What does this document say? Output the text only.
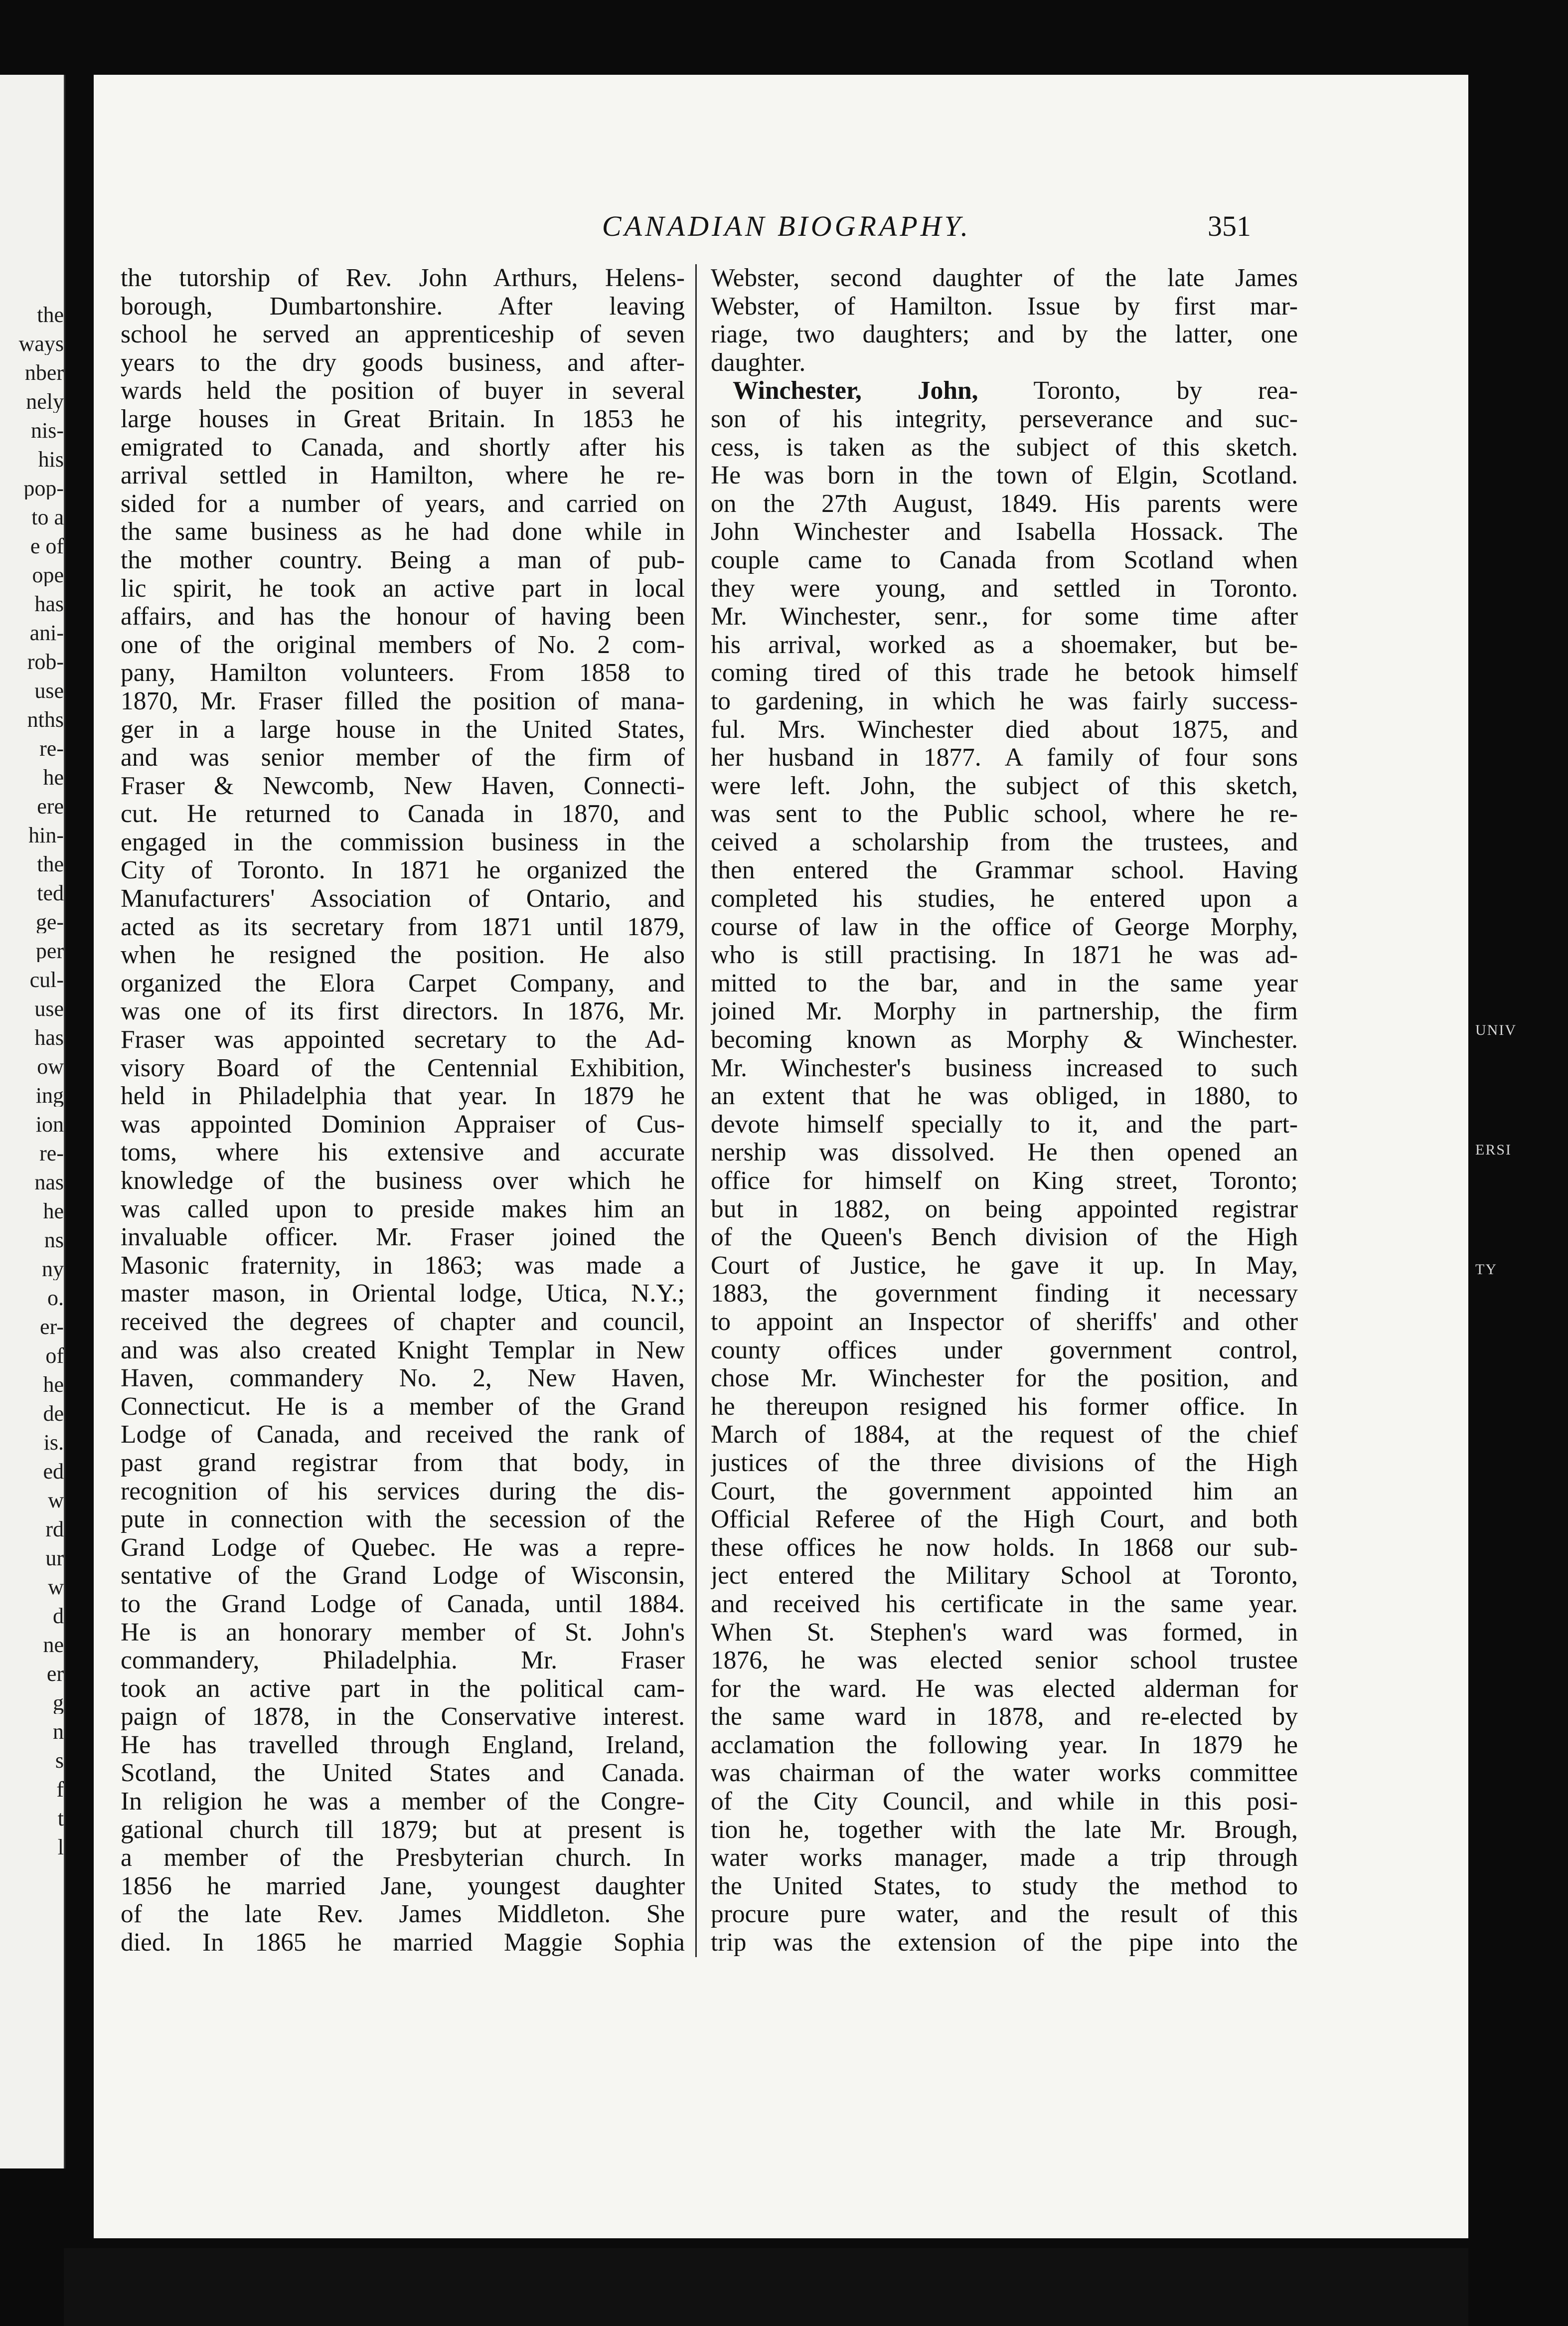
the
ways
nber
nely
nis-
his
pop-
to a
e of
ope
has
ani-
rob-
use
nths
re-
he
ere
hin-
the
ted
ge-
per
cul-
use
has
ow
ing
ion
re-
nas
he
ns
ny
o.
er-
of
he
de
is.
ed
w
rd
ur
w
d
ne
er
g
n
s
f
t
l
CANADIAN BIOGRAPHY.	351
the tutorship of Rev. John Arthurs, Helens-
borough, Dumbartonshire. After leaving
school he served an apprenticeship of seven
years to the dry goods business, and after-
wards held the position of buyer in several
large houses in Great Britain. In 1853 he
emigrated to Canada, and shortly after his
arrival settled in Hamilton, where he re-
sided for a number of years, and carried on
the same business as he had done while in
the mother country. Being a man of pub-
lic spirit, he took an active part in local
affairs, and has the honour of having been
one of the original members of No. 2 com-
pany, Hamilton volunteers. From 1858 to
1870, Mr. Fraser filled the position of mana-
ger in a large house in the United States,
and was senior member of the firm of
Fraser & Newcomb, New Haven, Connecti-
cut. He returned to Canada in 1870, and
engaged in the commission business in the
City of Toronto. In 1871 he organized the
Manufacturers' Association of Ontario, and
acted as its secretary from 1871 until 1879,
when he resigned the position. He also
organized the Elora Carpet Company, and
was one of its first directors. In 1876, Mr.
Fraser was appointed secretary to the Ad-
visory Board of the Centennial Exhibition,
held in Philadelphia that year. In 1879 he
was appointed Dominion Appraiser of Cus-
toms, where his extensive and accurate
knowledge of the business over which he
was called upon to preside makes him an
invaluable officer. Mr. Fraser joined the
Masonic fraternity, in 1863; was made a
master mason, in Oriental lodge, Utica, N.Y.;
received the degrees of chapter and council,
and was also created Knight Templar in New
Haven, commandery No. 2, New Haven,
Connecticut. He is a member of the Grand
Lodge of Canada, and received the rank of
past grand registrar from that body, in
recognition of his services during the dis-
pute in connection with the secession of the
Grand Lodge of Quebec. He was a repre-
sentative of the Grand Lodge of Wisconsin,
to the Grand Lodge of Canada, until 1884.
He is an honorary member of St. John's
commandery, Philadelphia. Mr. Fraser
took an active part in the political cam-
paign of 1878, in the Conservative interest.
He has travelled through England, Ireland,
Scotland, the United States and Canada.
In religion he was a member of the Congre-
gational church till 1879; but at present is
a member of the Presbyterian church. In
1856 he married Jane, youngest daughter
of the late Rev. James Middleton. She
died. In 1865 he married Maggie Sophia
Webster, second daughter of the late James
Webster, of Hamilton. Issue by first mar-
riage, two daughters; and by the latter, one
daughter.
Winchester, John, Toronto, by rea-
son of his integrity, perseverance and suc-
cess, is taken as the subject of this sketch.
He was born in the town of Elgin, Scotland.
on the 27th August, 1849. His parents were
John Winchester and Isabella Hossack. The
couple came to Canada from Scotland when
they were young, and settled in Toronto.
Mr. Winchester, senr., for some time after
his arrival, worked as a shoemaker, but be-
coming tired of this trade he betook himself
to gardening, in which he was fairly success-
ful. Mrs. Winchester died about 1875, and
her husband in 1877. A family of four sons
were left. John, the subject of this sketch,
was sent to the Public school, where he re-
ceived a scholarship from the trustees, and
then entered the Grammar school. Having
completed his studies, he entered upon a
course of law in the office of George Morphy,
who is still practising. In 1871 he was ad-
mitted to the bar, and in the same year
joined Mr. Morphy in partnership, the firm
becoming known as Morphy & Winchester.
Mr. Winchester's business increased to such
an extent that he was obliged, in 1880, to
devote himself specially to it, and the part-
nership was dissolved. He then opened an
office for himself on King street, Toronto;
but in 1882, on being appointed registrar
of the Queen's Bench division of the High
Court of Justice, he gave it up. In May,
1883, the government finding it necessary
to appoint an Inspector of sheriffs' and other
county offices under government control,
chose Mr. Winchester for the position, and
he thereupon resigned his former office. In
March of 1884, at the request of the chief
justices of the three divisions of the High
Court, the government appointed him an
Official Referee of the High Court, and both
these offices he now holds. In 1868 our sub-
ject entered the Military School at Toronto,
and received his certificate in the same year.
When St. Stephen's ward was formed, in
1876, he was elected senior school trustee
for the ward. He was elected alderman for
the same ward in 1878, and re-elected by
acclamation the following year. In 1879 he
was chairman of the water works committee
of the City Council, and while in this posi-
tion he, together with the late Mr. Brough,
water works manager, made a trip through
the United States, to study the method to
procure pure water, and the result of this
trip was the extension of the pipe into the
UNIV
ERSI
TY
